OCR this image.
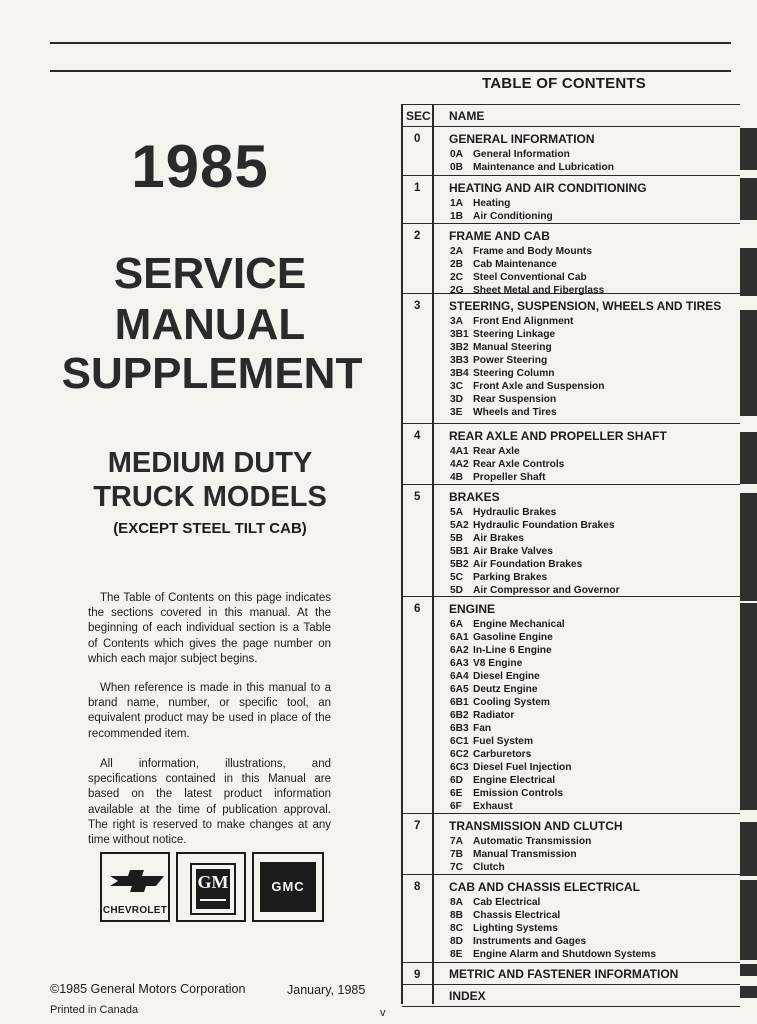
TABLE OF CONTENTS
1985
SERVICE
MANUAL
SUPPLEMENT
MEDIUM DUTY
TRUCK MODELS
(EXCEPT STEEL TILT CAB)
The Table of Contents on this page indicates the sections covered in this manual. At the beginning of each individual section is a Table of Contents which gives the page number on which each major subject begins.
When reference is made in this manual to a brand name, number, or specific tool, an equivalent product may be used in place of the recommended item.
All information, illustrations, and specifications contained in this Manual are based on the latest product information available at the time of publication approval. The right is reserved to make changes at any time without notice.
CHEVROLET
GM	GMC
©1985 General Motors Corporation	January, 1985
Printed in Canada	v
SEC NAME
0 GENERAL INFORMATION
0A General Information
0B Maintenance and Lubrication
1 HEATING AND AIR CONDITIONING
1A Heating
1B Air Conditioning
2 FRAME AND CAB
2A Frame and Body Mounts
2B Cab Maintenance
2C Steel Conventional Cab
2G Sheet Metal and Fiberglass
3 STEERING, SUSPENSION, WHEELS AND TIRES
3A Front End Alignment
3B1 Steering Linkage
3B2 Manual Steering
3B3 Power Steering
3B4 Steering Column
3C Front Axle and Suspension
3D Rear Suspension
3E	Wheels and Tires
4 REAR AXLE AND PROPELLER SHAFT
4A1 Rear Axle
4A2 Rear Axle Controls
4B Propeller Shaft
5 BRAKES
5A Hydraulic Brakes
5A2 Hydraulic Foundation Brakes
5B Air Brakes
5B1 Air Brake Valves
5B2 Air Foundation Brakes
5C Parking Brakes
5D Air Compressor and Governor
6 ENGINE
6A Engine Mechanical
6A1 Gasoline Engine
6A2 In-Line 6 Engine
6A3 V8 Engine
6A4 Diesel Engine
6A5 Deutz Engine
6B1 Cooling System
6B2 Radiator
6B3 Fan
6C1 Fuel System
6C2 Carburetors
6C3 Diesel Fuel Injection
6D Engine Electrical
6E	Emission Controls
6F	Exhaust
7 TRANSMISSION AND CLUTCH
7A Automatic Transmission
7B Manual Transmission
7C Clutch
8 CAB AND CHASSIS ELECTRICAL
8A Cab Electrical
8B Chassis Electrical
8C Lighting Systems
8D Instruments and Gages
8E	Engine Alarm and Shutdown Systems
9 METRIC AND FASTENER INFORMATION
INDEX
